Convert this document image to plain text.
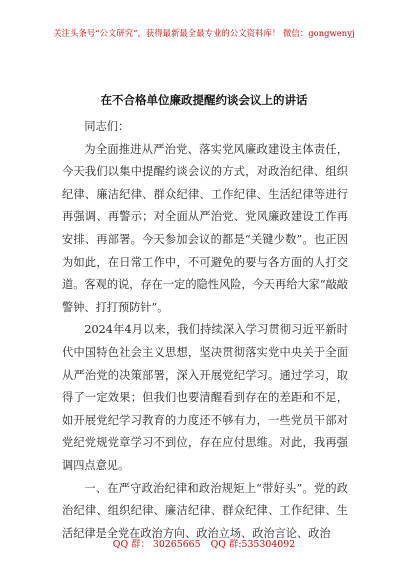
关注头条号“公文研究”，获得最新最全最专业的公文资料库！ 微信：gongwenyj
在不合格单位廉政提醒约谈会议上的讲话

同志们：

为全面推进从严治党、落实党风廉政建设主体责任，今天我们以集中提醒约谈会议的方式，对政治纪律、组织纪律、廉洁纪律、群众纪律、工作纪律、生活纪律等进行再强调、再警示；对全面从严治党、党风廉政建设工作再安排、再部署。今天参加会议的都是“关键少数”。也正因为如此，在日常工作中，不可避免的要与各方面的人打交道。客观的说，存在一定的隐性风险，今天再给大家“敲敲警钟、打打预防针”。

2024年4月以来，我们持续深入学习贯彻习近平新时代中国特色社会主义思想，坚决贯彻落实党中央关于全面从严治党的决策部署，深入开展党纪学习。通过学习，取得了一定效果；但我们也要清醒看到存在的差距和不足，如开展党纪学习教育的力度还不够有力，一些党员干部对党纪党规党章学习不到位，存在应付思维。对此，我再强调四点意见。

一、在严守政治纪律和政治规矩上“带好头”。党的政治纪律、组织纪律、廉洁纪律、群众纪律、工作纪律、生活纪律是全党在政治方向、政治立场、政治言论、政治

QQ 群： 30265665 QQ 群:535304092
